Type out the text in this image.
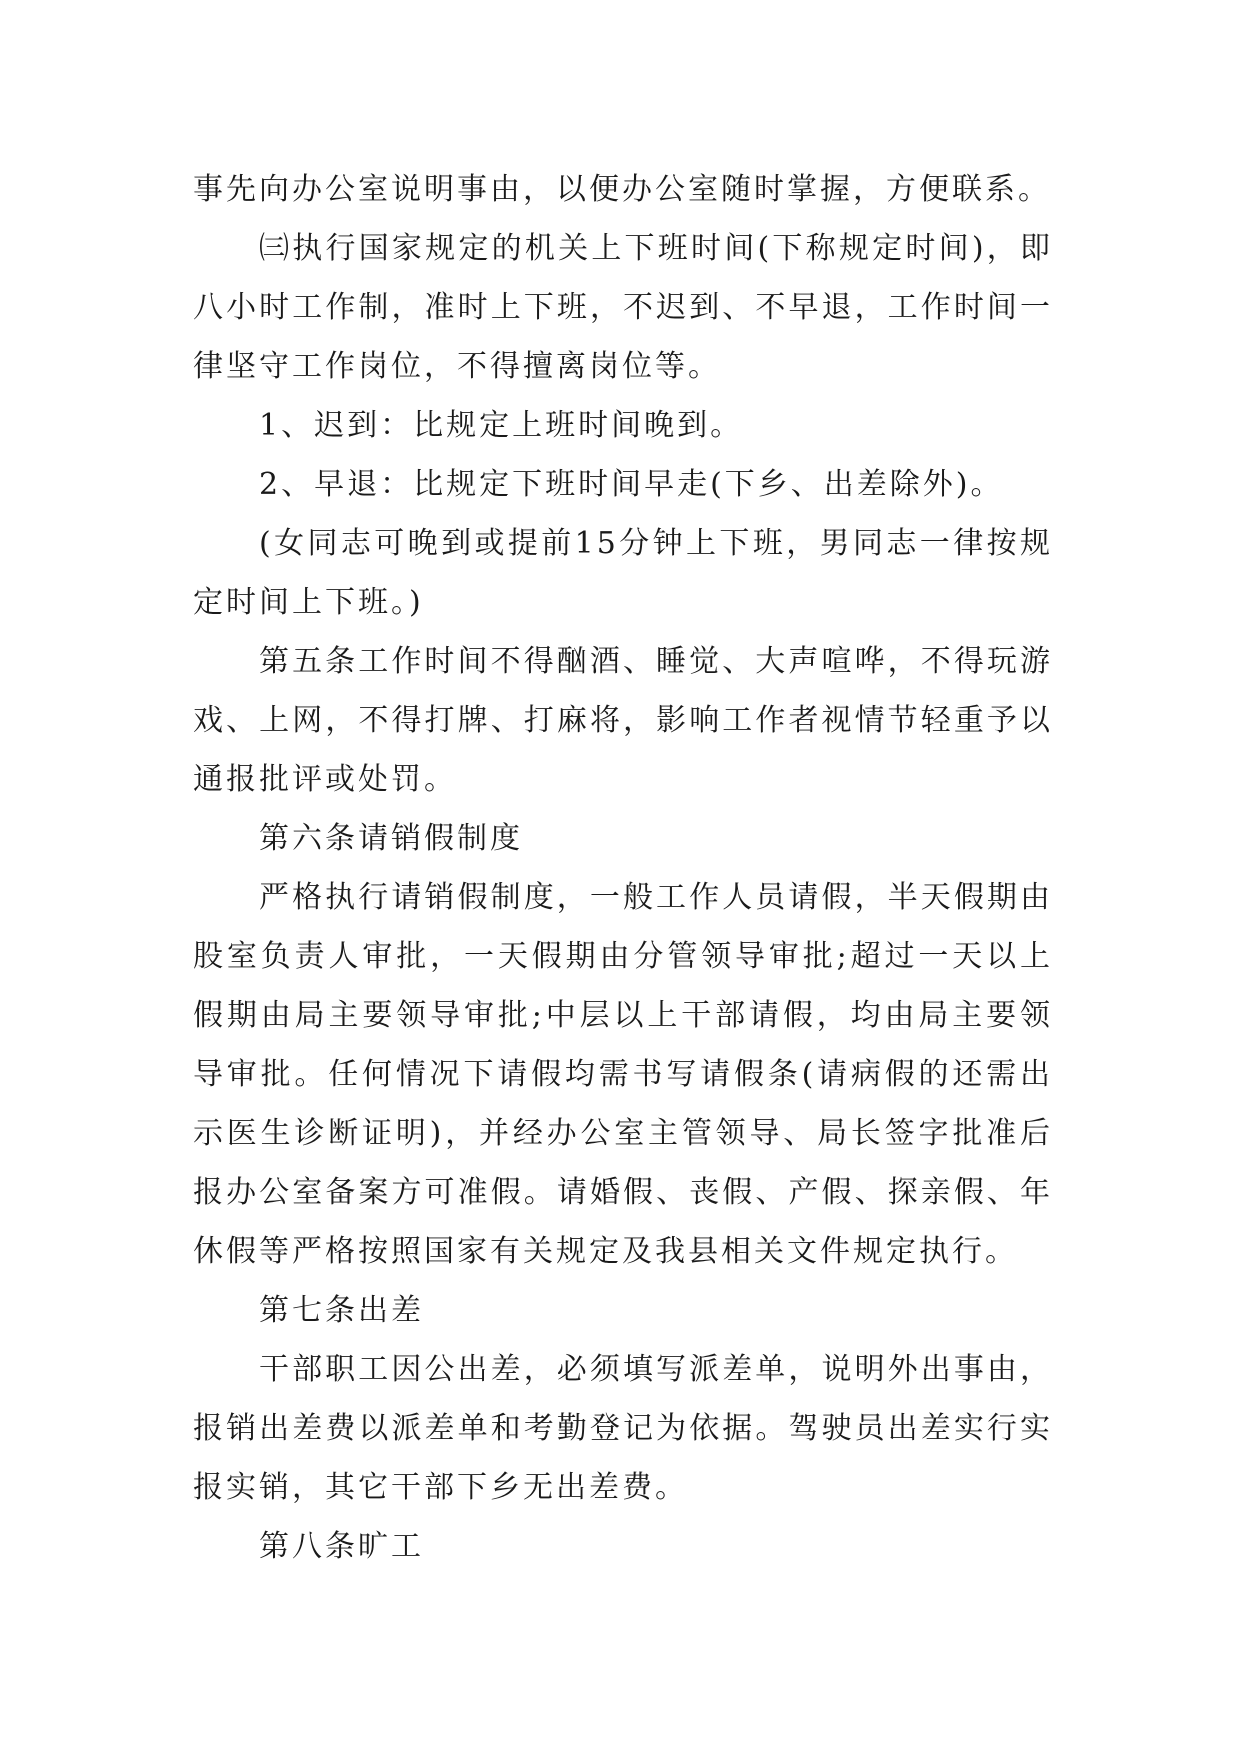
事先向办公室说明事由，以便办公室随时掌握，方便联系。

㈢执行国家规定的机关上下班时间(下称规定时间)，即八小时工作制，准时上下班，不迟到、不早退，工作时间一律坚守工作岗位，不得擅离岗位等。

1、迟到：比规定上班时间晚到。

2、早退：比规定下班时间早走(下乡、出差除外)。

(女同志可晚到或提前15分钟上下班，男同志一律按规定时间上下班。)

第五条工作时间不得酗酒、睡觉、大声喧哗，不得玩游戏、上网，不得打牌、打麻将，影响工作者视情节轻重予以通报批评或处罚。

第六条请销假制度

严格执行请销假制度，一般工作人员请假，半天假期由股室负责人审批，一天假期由分管领导审批;超过一天以上假期由局主要领导审批;中层以上干部请假，均由局主要领导审批。任何情况下请假均需书写请假条(请病假的还需出示医生诊断证明)，并经办公室主管领导、局长签字批准后报办公室备案方可准假。请婚假、丧假、产假、探亲假、年休假等严格按照国家有关规定及我县相关文件规定执行。

第七条出差

干部职工因公出差，必须填写派差单，说明外出事由，报销出差费以派差单和考勤登记为依据。驾驶员出差实行实报实销，其它干部下乡无出差费。

第八条旷工
